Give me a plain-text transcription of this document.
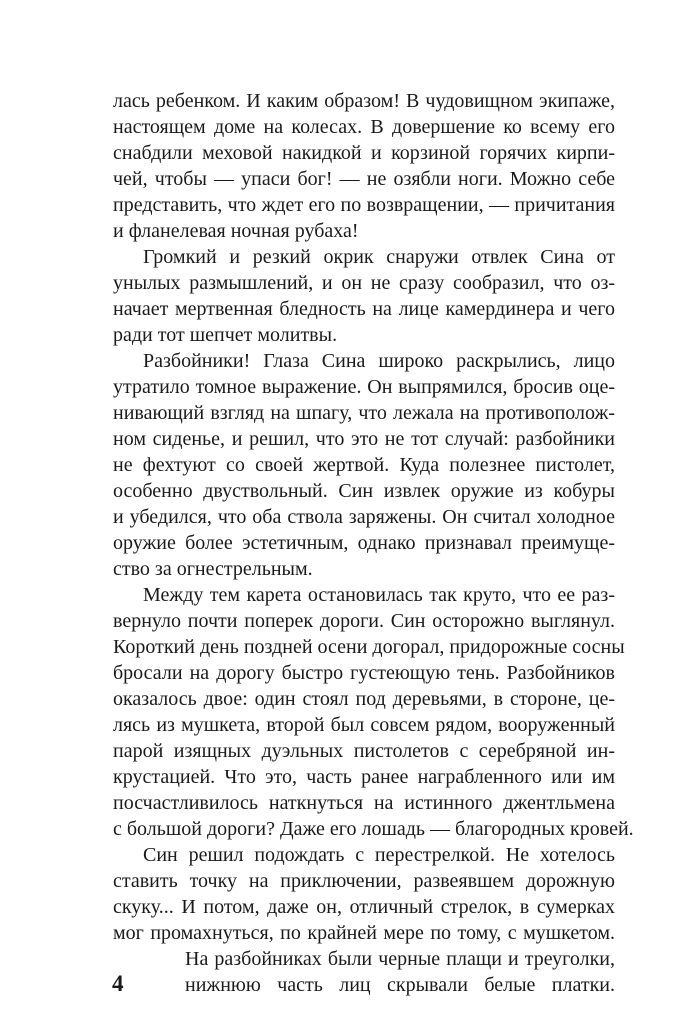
лась ребенком. И каким образом! В чудовищном экипаже,
настоящем доме на колесах. В довершение ко всему его
снабдили меховой накидкой и корзиной горячих кирпи-
чей, чтобы — упаси бог! — не озябли ноги. Можно себе
представить, что ждет его по возвращении, — причитания
и фланелевая ночная рубаха!
Громкий и резкий окрик снаружи отвлек Сина от
унылых размышлений, и он не сразу сообразил, что оз-
начает мертвенная бледность на лице камердинера и чего
ради тот шепчет молитвы.
Разбойники! Глаза Сина широко раскрылись, лицо
утратило томное выражение. Он выпрямился, бросив оце-
нивающий взгляд на шпагу, что лежала на противополож-
ном сиденье, и решил, что это не тот случай: разбойники
не фехтуют со своей жертвой. Куда полезнее пистолет,
особенно двуствольный. Син извлек оружие из кобуры
и убедился, что оба ствола заряжены. Он считал холодное
оружие более эстетичным, однако признавал преимуще-
ство за огнестрельным.
Между тем карета остановилась так круто, что ее раз-
вернуло почти поперек дороги. Син осторожно выглянул.
Короткий день поздней осени догорал, придорожные сосны
бросали на дорогу быстро густеющую тень. Разбойников
оказалось двое: один стоял под деревьями, в стороне, це-
лясь из мушкета, второй был совсем рядом, вооруженный
парой изящных дуэльных пистолетов с серебряной ин-
крустацией. Что это, часть ранее награбленного или им
посчастливилось наткнуться на истинного джентльмена
с большой дороги? Даже его лошадь — благородных кровей.
Син решил подождать с перестрелкой. Не хотелось
ставить точку на приключении, развеявшем дорожную
скуку... И потом, даже он, отличный стрелок, в сумерках
мог промахнуться, по крайней мере по тому, с мушкетом.
На разбойниках были черные плащи и треуголки,
нижнюю часть лиц скрывали белые платки.
4
